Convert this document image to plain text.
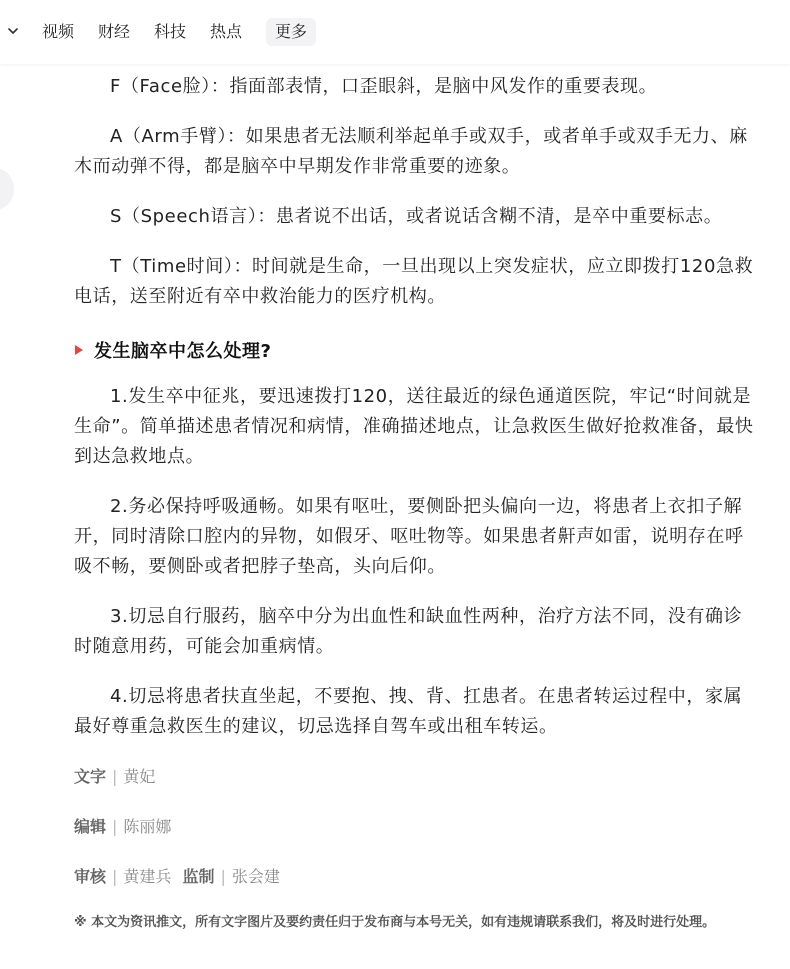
视频 财经 科技 热点	更多

F（Face脸）：指面部表情，口歪眼斜，是脑中风发作的重要表现。

A（Arm手臂）：如果患者无法顺利举起单手或双手，或者单手或双手无力、麻木而动弹不得，都是脑卒中早期发作非常重要的迹象。

S（Speech语言）：患者说不出话，或者说话含糊不清，是卒中重要标志。

T（Time时间）：时间就是生命，一旦出现以上突发症状，应立即拨打120急救电话，送至附近有卒中救治能力的医疗机构。

发生脑卒中怎么处理?

1.发生卒中征兆，要迅速拨打120，送往最近的绿色通道医院，牢记“时间就是生命”。简单描述患者情况和病情，准确描述地点，让急救医生做好抢救准备，最快到达急救地点。

2.务必保持呼吸通畅。如果有呕吐，要侧卧把头偏向一边，将患者上衣扣子解开，同时清除口腔内的异物，如假牙、呕吐物等。如果患者鼾声如雷，说明存在呼吸不畅，要侧卧或者把脖子垫高，头向后仰。

3.切忌自行服药，脑卒中分为出血性和缺血性两种，治疗方法不同，没有确诊时随意用药，可能会加重病情。

4.切忌将患者扶直坐起，不要抱、拽、背、扛患者。在患者转运过程中，家属最好尊重急救医生的建议，切忌选择自驾车或出租车转运。

文字 | 黄妃

编辑 | 陈丽娜

审核 | 黄建兵 监制 | 张会建

※ 本文为资讯推文，所有文字图片及要约责任归于发布商与本号无关，如有违规请联系我们，将及时进行处理。
